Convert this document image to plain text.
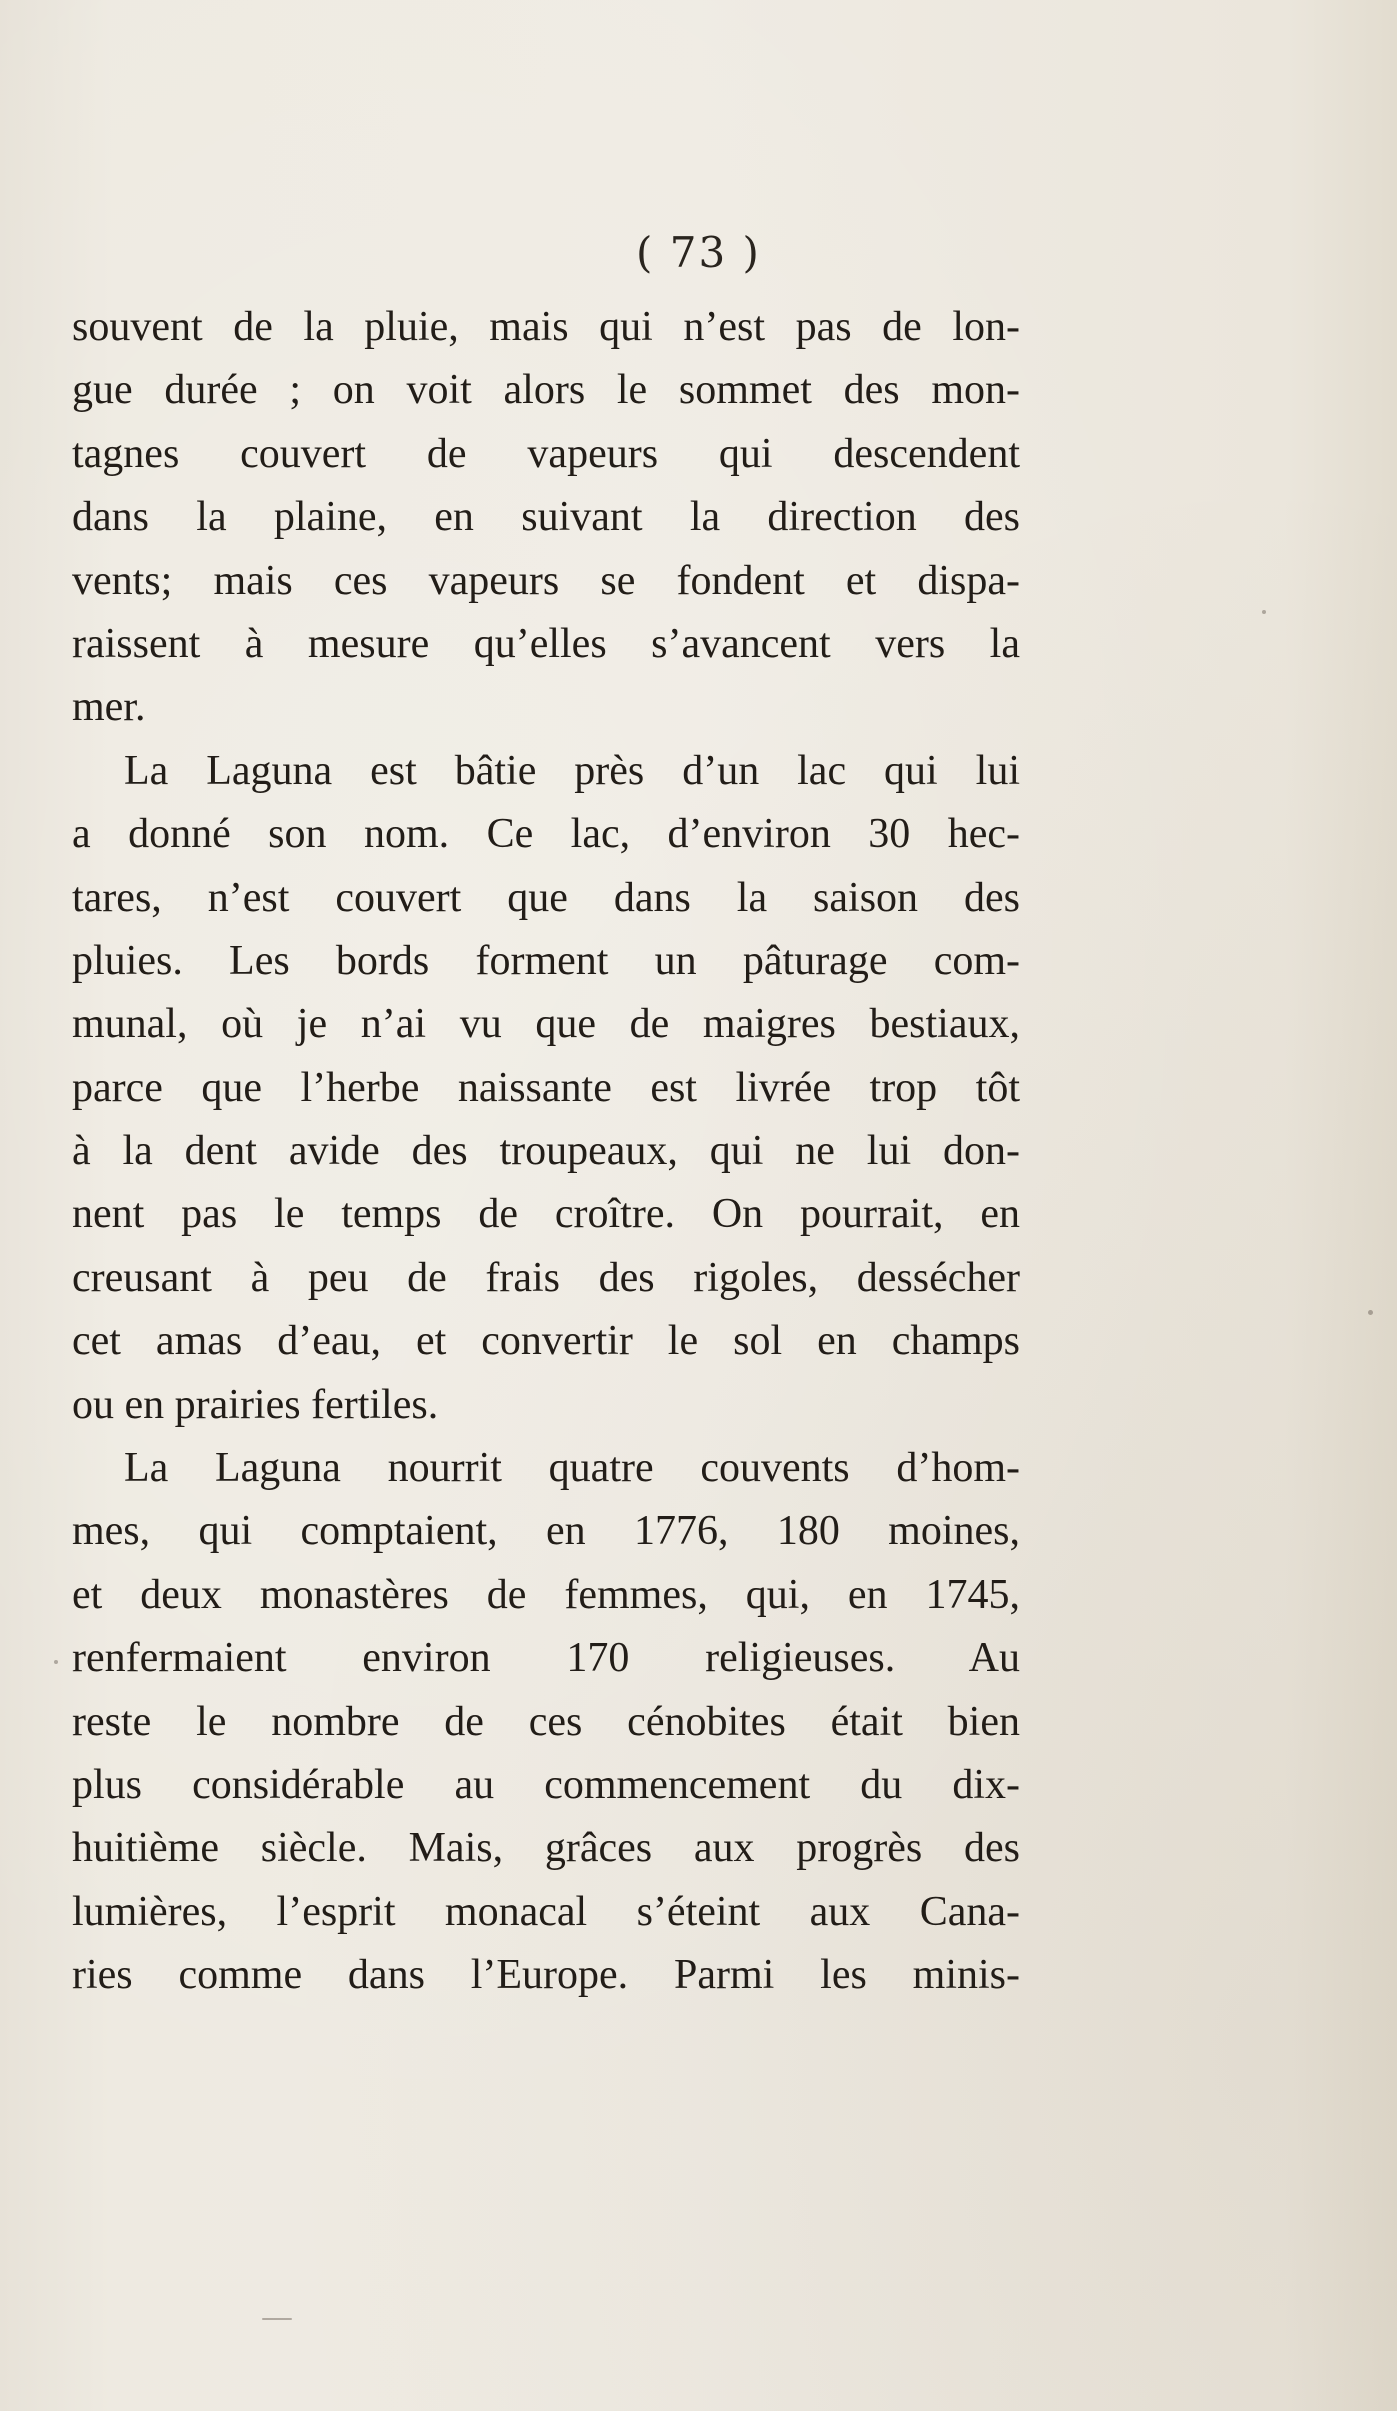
( 73 )

souvent de la pluie, mais qui n’est pas de lon-
gue durée ; on voit alors le sommet des mon-
tagnes couvert de vapeurs qui descendent
dans la plaine, en suivant la direction des
vents; mais ces vapeurs se fondent et dispa-
raissent à mesure qu’elles s’avancent vers la
mer.
La Laguna est bâtie près d’un lac qui lui
a donné son nom. Ce lac, d’environ 30 hec-
tares, n’est couvert que dans la saison des
pluies. Les bords forment un pâturage com-
munal, où je n’ai vu que de maigres bestiaux,
parce que l’herbe naissante est livrée trop tôt
à la dent avide des troupeaux, qui ne lui don-
nent pas le temps de croître. On pourrait, en
creusant à peu de frais des rigoles, dessécher
cet amas d’eau, et convertir le sol en champs
ou en prairies fertiles.
La Laguna nourrit quatre couvents d’hom-
mes, qui comptaient, en 1776, 180 moines,
et deux monastères de femmes, qui, en 1745,
renfermaient environ 170 religieuses. Au
reste le nombre de ces cénobites était bien
plus considérable au commencement du dix-
huitième siècle. Mais, grâces aux progrès des
lumières, l’esprit monacal s’éteint aux Cana-
ries comme dans l’Europe. Parmi les minis-
